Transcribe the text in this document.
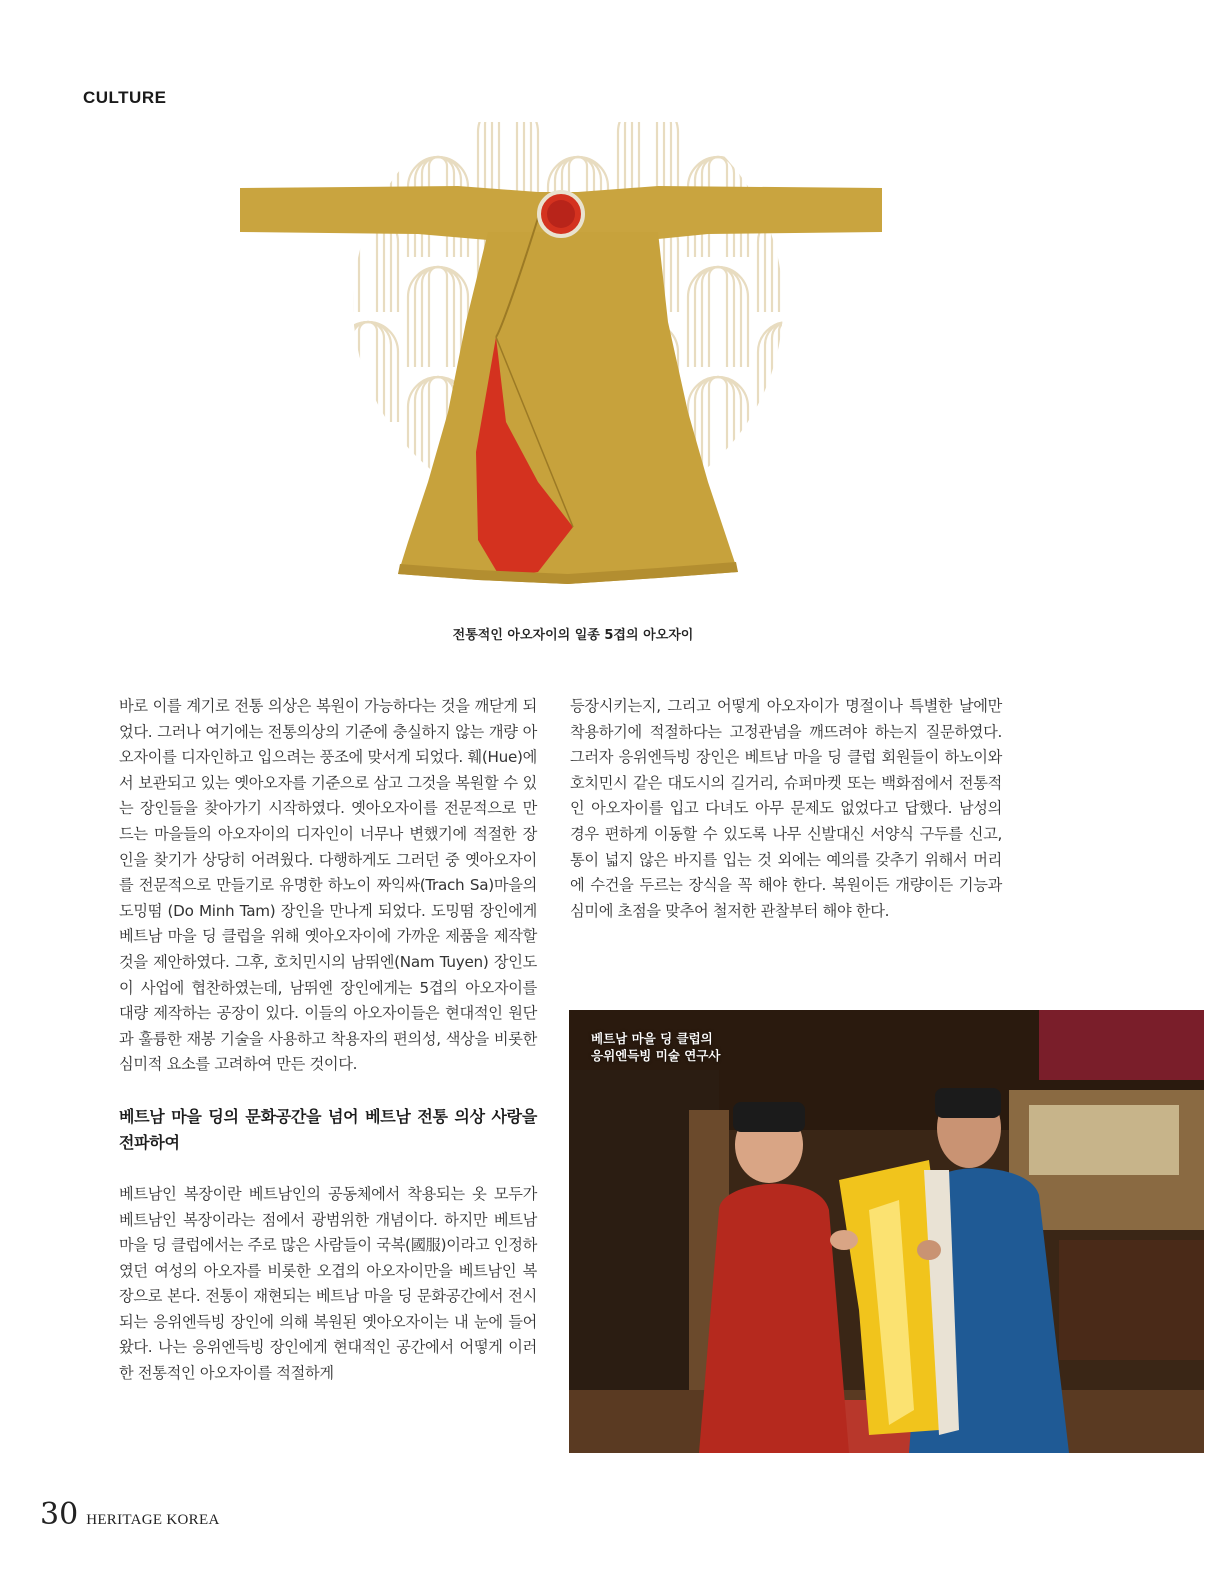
CULTURE
전통적인 아오자이의 일종 5겹의 아오자이

바로 이를 계기로 전통 의상은 복원이 가능하다는 것을 깨닫게 되었다. 그러나 여기에는 전통의상의 기준에 충실하지 않는 개량 아오자이를 디자인하고 입으려는 풍조에 맞서게 되었다. 훼(Hue)에서 보관되고 있는 옛아오자를 기준으로 삼고 그것을 복원할 수 있는 장인들을 찾아가기 시작하였다. 옛아오자이를 전문적으로 만드는 마을들의 아오자이의 디자인이 너무나 변했기에 적절한 장인을 찾기가 상당히 어려웠다. 다행하게도 그러던 중 옛아오자이를 전문적으로 만들기로 유명한 하노이 짜익싸(Trach Sa)마을의 도밍떰 (Do Minh Tam) 장인을 만나게 되었다. 도밍떰 장인에게 베트남 마을 딩 클럽을 위해 옛아오자이에 가까운 제품을 제작할 것을 제안하였다. 그후, 호치민시의 남뛰엔(Nam Tuyen) 장인도 이 사업에 협찬하였는데, 남뛰엔 장인에게는 5겹의 아오자이를 대량 제작하는 공장이 있다. 이들의 아오자이들은 현대적인 원단과 훌륭한 재봉 기술을 사용하고 착용자의 편의성, 색상을 비롯한 심미적 요소를 고려하여 만든 것이다.

베트남 마을 딩의 문화공간을 넘어 베트남 전통 의상 사랑을 전파하여

베트남인 복장이란 베트남인의 공동체에서 착용되는 옷 모두가 베트남인 복장이라는 점에서 광범위한 개념이다. 하지만 베트남 마을 딩 클럽에서는 주로 많은 사람들이 국복(國服)이라고 인정하였던 여성의 아오자를 비롯한 오겹의 아오자이만을 베트남인 복장으로 본다. 전통이 재현되는 베트남 마을 딩 문화공간에서 전시되는 응위엔득빙 장인에 의해 복원된 옛아오자이는 내 눈에 들어왔다. 나는 응위엔득빙 장인에게 현대적인 공간에서 어떻게 이러한 전통적인 아오자이를 적절하게

등장시키는지, 그리고 어떻게 아오자이가 명절이나 특별한 날에만 착용하기에 적절하다는 고정관념을 깨뜨려야 하는지 질문하였다. 그러자 응위엔득빙 장인은 베트남 마을 딩 클럽 회원들이 하노이와 호치민시 같은 대도시의 길거리, 슈퍼마켓 또는 백화점에서 전통적인 아오자이를 입고 다녀도 아무 문제도 없었다고 답했다. 남성의 경우 편하게 이동할 수 있도록 나무 신발대신 서양식 구두를 신고, 통이 넓지 않은 바지를 입는 것 외에는 예의를 갖추기 위해서 머리에 수건을 두르는 장식을 꼭 해야 한다. 복원이든 개량이든 기능과 심미에 초점을 맞추어 철저한 관찰부터 해야 한다.

베트남 마을 딩 클럽의
응위엔득빙 미술 연구사
30 HERITAGE KOREA
